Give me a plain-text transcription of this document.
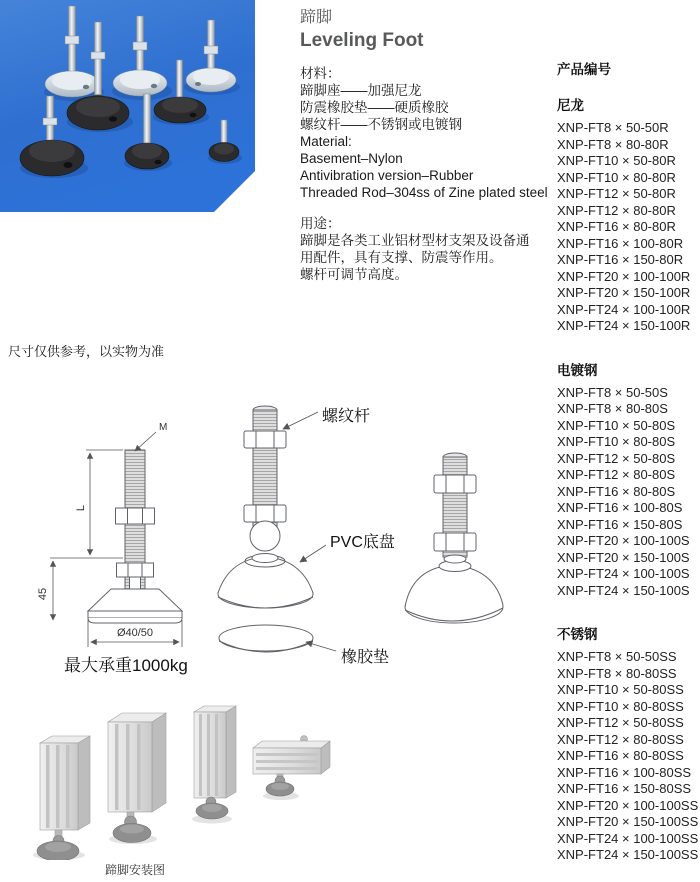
蹄脚
Leveling Foot
材料：
蹄脚座——加强尼龙
防震橡胶垫——硬质橡胶
螺纹杆——不锈钢或电镀钢
Material:
Basement–Nylon
Antivibration version–Rubber
Threaded Rod–304ss of Zine plated steel
用途：
蹄脚是各类工业铝材型材支架及设备通
用配件，具有支撑、防震等作用。
螺杆可调节高度。
产品编号
尼龙
XNP-FT8 × 50-50R
XNP-FT8 × 80-80R
XNP-FT10 × 50-80R
XNP-FT10 × 80-80R
XNP-FT12 × 50-80R
XNP-FT12 × 80-80R
XNP-FT16 × 80-80R
XNP-FT16 × 100-80R
XNP-FT16 × 150-80R
XNP-FT20 × 100-100R
XNP-FT20 × 150-100R
XNP-FT24 × 100-100R
XNP-FT24 × 150-100R
电镀钢
XNP-FT8 × 50-50S
XNP-FT8 × 80-80S
XNP-FT10 × 50-80S
XNP-FT10 × 80-80S
XNP-FT12 × 50-80S
XNP-FT12 × 80-80S
XNP-FT16 × 80-80S
XNP-FT16 × 100-80S
XNP-FT16 × 150-80S
XNP-FT20 × 100-100S
XNP-FT20 × 150-100S
XNP-FT24 × 100-100S
XNP-FT24 × 150-100S
不锈钢
XNP-FT8 × 50-50SS
XNP-FT8 × 80-80SS
XNP-FT10 × 50-80SS
XNP-FT10 × 80-80SS
XNP-FT12 × 50-80SS
XNP-FT12 × 80-80SS
XNP-FT16 × 80-80SS
XNP-FT16 × 100-80SS
XNP-FT16 × 150-80SS
XNP-FT20 × 100-100SS
XNP-FT20 × 150-100SS
XNP-FT24 × 100-100SS
XNP-FT24 × 150-100SS
尺寸仅供参考，以实物为准
M
L
45
Ø40/50
螺纹杆
PVC底盘
橡胶垫
最大承重1000kg
蹄脚安装图
